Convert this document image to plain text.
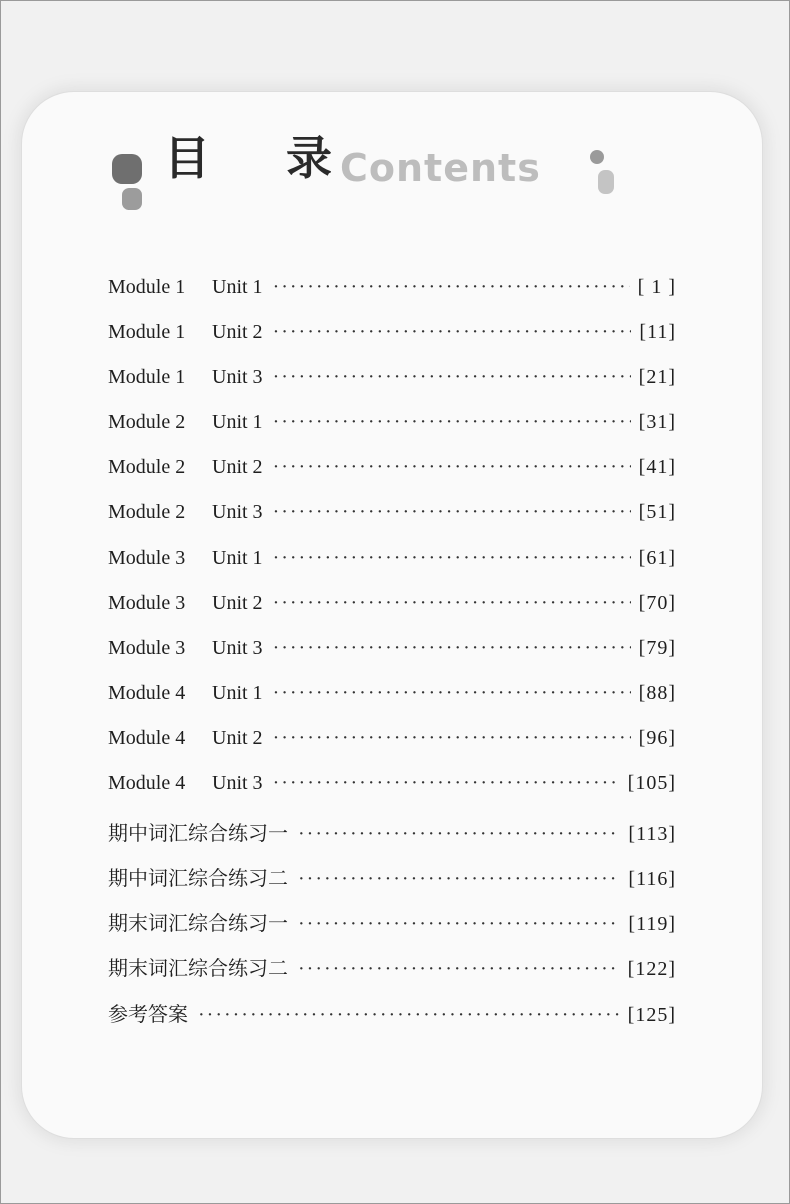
目 录
Contents
Module 1 Unit 1 ·····	[ 1 ]
Module 1 Unit 2 ·····	[11]
Module 1 Unit 3 ·····	[21]
Module 2 Unit 1 ·····	[31]
Module 2 Unit 2 ·····	[41]
Module 2 Unit 3 ·····	[51]
Module 3 Unit 1 ·····	[61]
Module 3 Unit 2 ·····	[70]
Module 3 Unit 3 ·····	[79]
Module 4 Unit 1 ·····	[88]
Module 4 Unit 2 ·····	[96]
Module 4 Unit 3 ·····	[105]
期中词汇综合练习一 ·····	[113]
期中词汇综合练习二 ·····	[116]
期末词汇综合练习一 ·····	[119]
期末词汇综合练习二 ·····	[122]
参考答案 ·····	[125]
